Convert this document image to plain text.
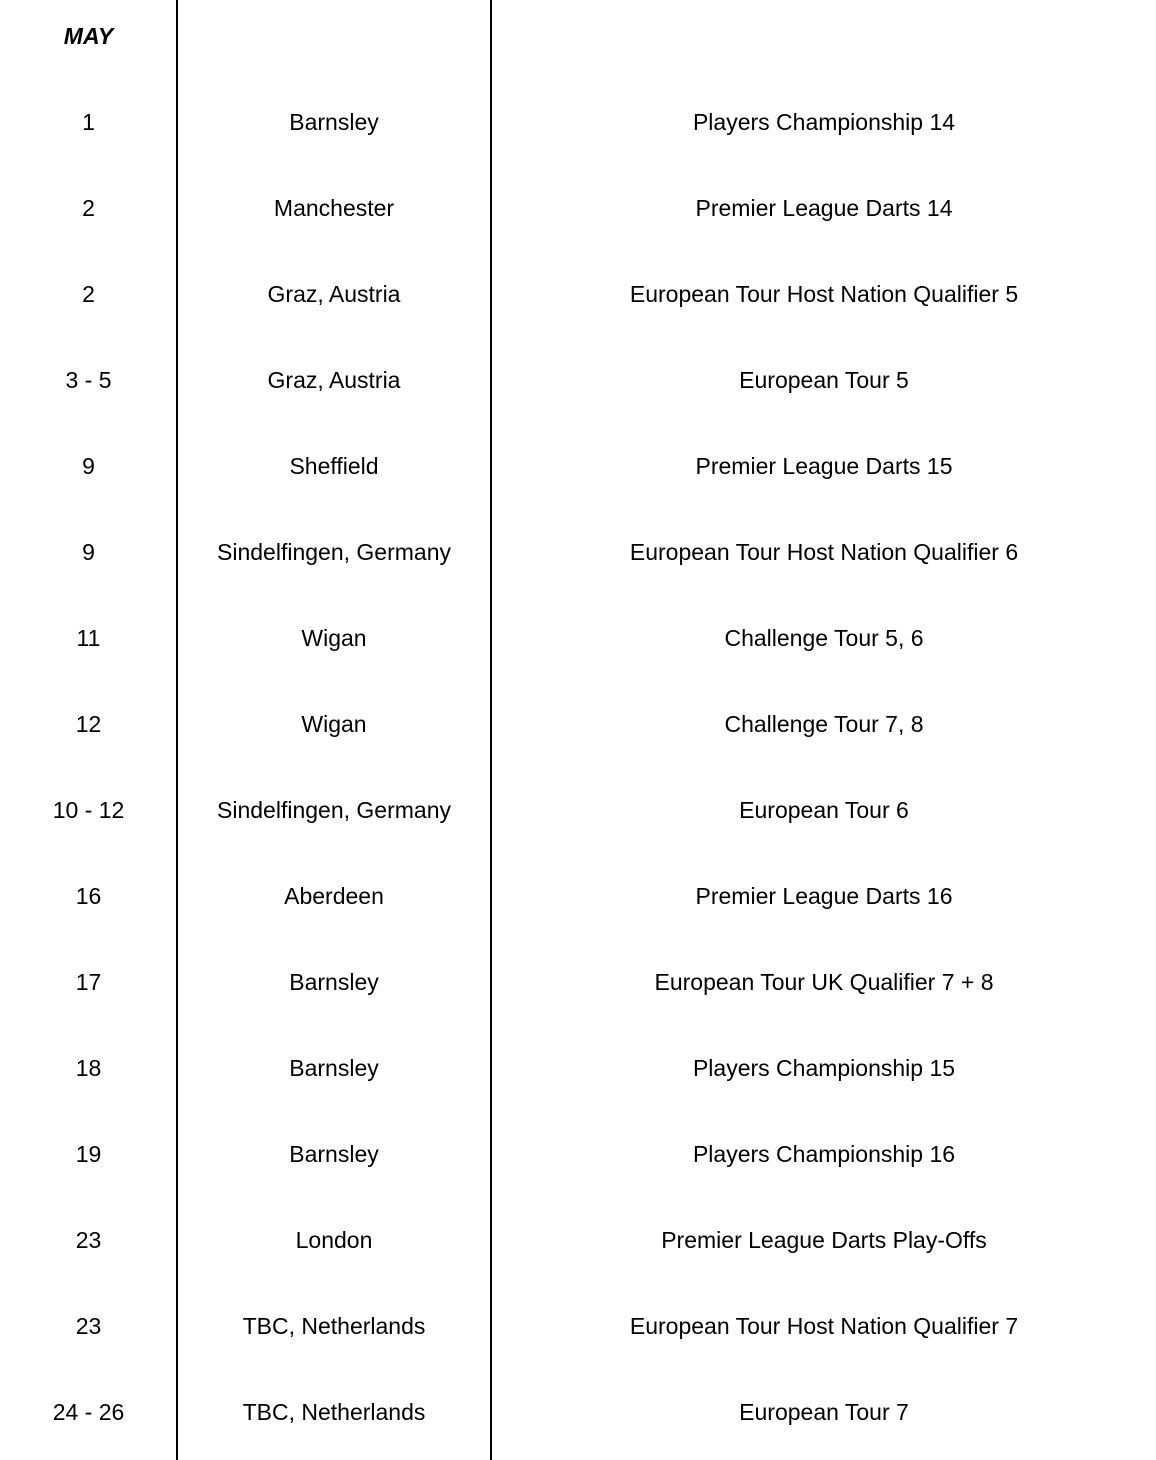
MAY
1	Barnsley	Players Championship 14
2	Manchester	Premier League Darts 14
2	Graz, Austria	European Tour Host Nation Qualifier 5
3 - 5	Graz, Austria	European Tour 5
9	Sheffield	Premier League Darts 15
9	Sindelfingen, Germany	European Tour Host Nation Qualifier 6
11	Wigan	Challenge Tour 5, 6
12	Wigan	Challenge Tour 7, 8
10 - 12	Sindelfingen, Germany	European Tour 6
16	Aberdeen	Premier League Darts 16
17	Barnsley	European Tour UK Qualifier 7 + 8
18	Barnsley	Players Championship 15
19	Barnsley	Players Championship 16
23	London	Premier League Darts Play-Offs
23	TBC, Netherlands	European Tour Host Nation Qualifier 7
24 - 26	TBC, Netherlands	European Tour 7
